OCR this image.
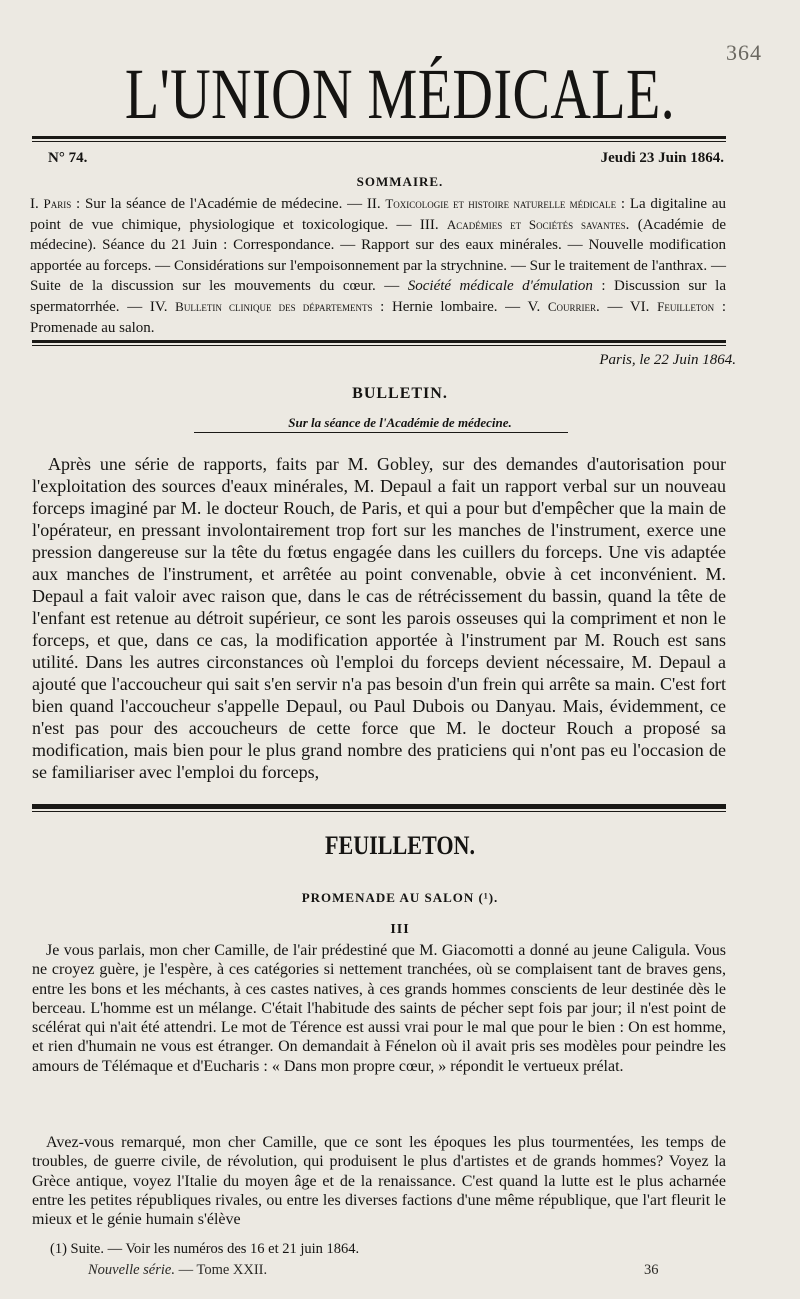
364
L'UNION MÉDICALE.
N° 74.	Jeudi 23 Juin 1864.
SOMMAIRE.
I. Paris : Sur la séance de l'Académie de médecine. — II. Toxicologie et histoire naturelle médicale : La digitaline au point de vue chimique, physiologique et toxicologique. — III. Académies et Sociétés savantes. (Académie de médecine). Séance du 21 Juin : Correspondance. — Rapport sur des eaux minérales. — Nouvelle modification apportée au forceps. — Considérations sur l'empoisonnement par la strychnine. — Sur le traitement de l'anthrax. — Suite de la discussion sur les mouvements du cœur. — Société médicale d'émulation : Discussion sur la spermatorrhée. — IV. Bulletin clinique des départements : Hernie lombaire. — V. Courrier. — VI. Feuilleton : Promenade au salon.
Paris, le 22 Juin 1864.
BULLETIN.
Sur la séance de l'Académie de médecine.

Après une série de rapports, faits par M. Gobley, sur des demandes d'autorisation pour l'exploitation des sources d'eaux minérales, M. Depaul a fait un rapport verbal sur un nouveau forceps imaginé par M. le docteur Rouch, de Paris, et qui a pour but d'empêcher que la main de l'opérateur, en pressant involontairement trop fort sur les manches de l'instrument, exerce une pression dangereuse sur la tête du fœtus engagée dans les cuillers du forceps. Une vis adaptée aux manches de l'instrument, et arrêtée au point convenable, obvie à cet inconvénient. M. Depaul a fait valoir avec raison que, dans le cas de rétrécissement du bassin, quand la tête de l'enfant est retenue au détroit supérieur, ce sont les parois osseuses qui la compriment et non le forceps, et que, dans ce cas, la modification apportée à l'instrument par M. Rouch est sans utilité. Dans les autres circonstances où l'emploi du forceps devient nécessaire, M. Depaul a ajouté que l'accoucheur qui sait s'en servir n'a pas besoin d'un frein qui arrête sa main. C'est fort bien quand l'accoucheur s'appelle Depaul, ou Paul Dubois ou Danyau. Mais, évidemment, ce n'est pas pour des accoucheurs de cette force que M. le docteur Rouch a proposé sa modification, mais bien pour le plus grand nombre des praticiens qui n'ont pas eu l'occasion de se familiariser avec l'emploi du forceps,

FEUILLETON.
PROMENADE AU SALON (¹).
III

Je vous parlais, mon cher Camille, de l'air prédestiné que M. Giacomotti a donné au jeune Caligula. Vous ne croyez guère, je l'espère, à ces catégories si nettement tranchées, où se complaisent tant de braves gens, entre les bons et les méchants, à ces castes natives, à ces grands hommes conscients de leur destinée dès le berceau. L'homme est un mélange. C'était l'habitude des saints de pécher sept fois par jour; il n'est point de scélérat qui n'ait été attendri. Le mot de Térence est aussi vrai pour le mal que pour le bien : On est homme, et rien d'humain ne vous est étranger. On demandait à Fénelon où il avait pris ses modèles pour peindre les amours de Télémaque et d'Eucharis : « Dans mon propre cœur, » répondit le vertueux prélat.

Avez-vous remarqué, mon cher Camille, que ce sont les époques les plus tourmentées, les temps de troubles, de guerre civile, de révolution, qui produisent le plus d'artistes et de grands hommes? Voyez la Grèce antique, voyez l'Italie du moyen âge et de la renaissance. C'est quand la lutte est le plus acharnée entre les petites républiques rivales, ou entre les diverses factions d'une même république, que l'art fleurit le mieux et le génie humain s'élève

(1) Suite. — Voir les numéros des 16 et 21 juin 1864.
Nouvelle série. — Tome XXII.	36
